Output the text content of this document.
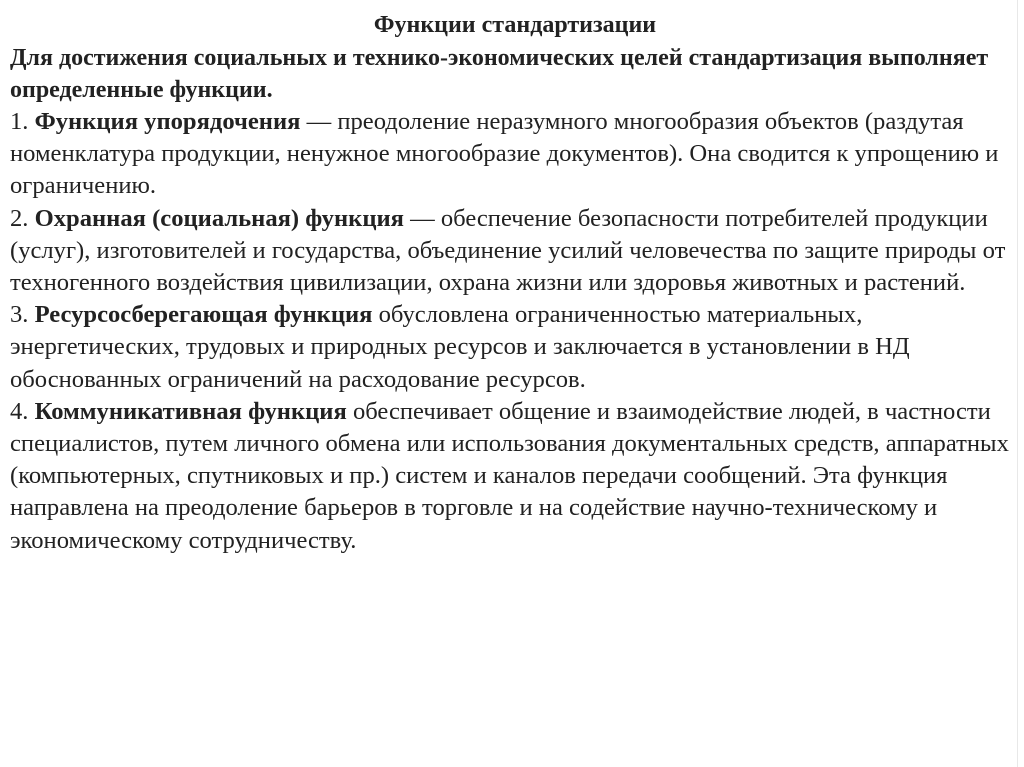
Функции стандартизации

Для достижения социальных и технико-экономических целей стандартизация выполняет определенные функции.

1. Функция упорядочения — преодоление неразумного многообразия объектов (раздутая номенклатура продукции, ненужное многообразие документов). Она сводится к упрощению и ограничению.

2. Охранная (социальная) функция — обеспечение безопасности потребителей продукции (услуг), изготовителей и государства, объединение усилий человечества по защите природы от техногенного воздействия цивилизации, охрана жизни или здоровья животных и растений.

3. Ресурсосберегающая функция обусловлена ограниченностью материальных, энергетических, трудовых и природных ресурсов и заключается в установлении в НД обоснованных ограничений на расходование ресурсов.

4. Коммуникативная функция обеспечивает общение и взаимодействие людей, в частности специалистов, путем личного обмена или использования документальных средств, аппаратных (компьютерных, спутниковых и пр.) систем и каналов передачи сообщений. Эта функция направлена на преодоление барьеров в торговле и на содействие научно-техническому и экономическому сотрудничеству.
